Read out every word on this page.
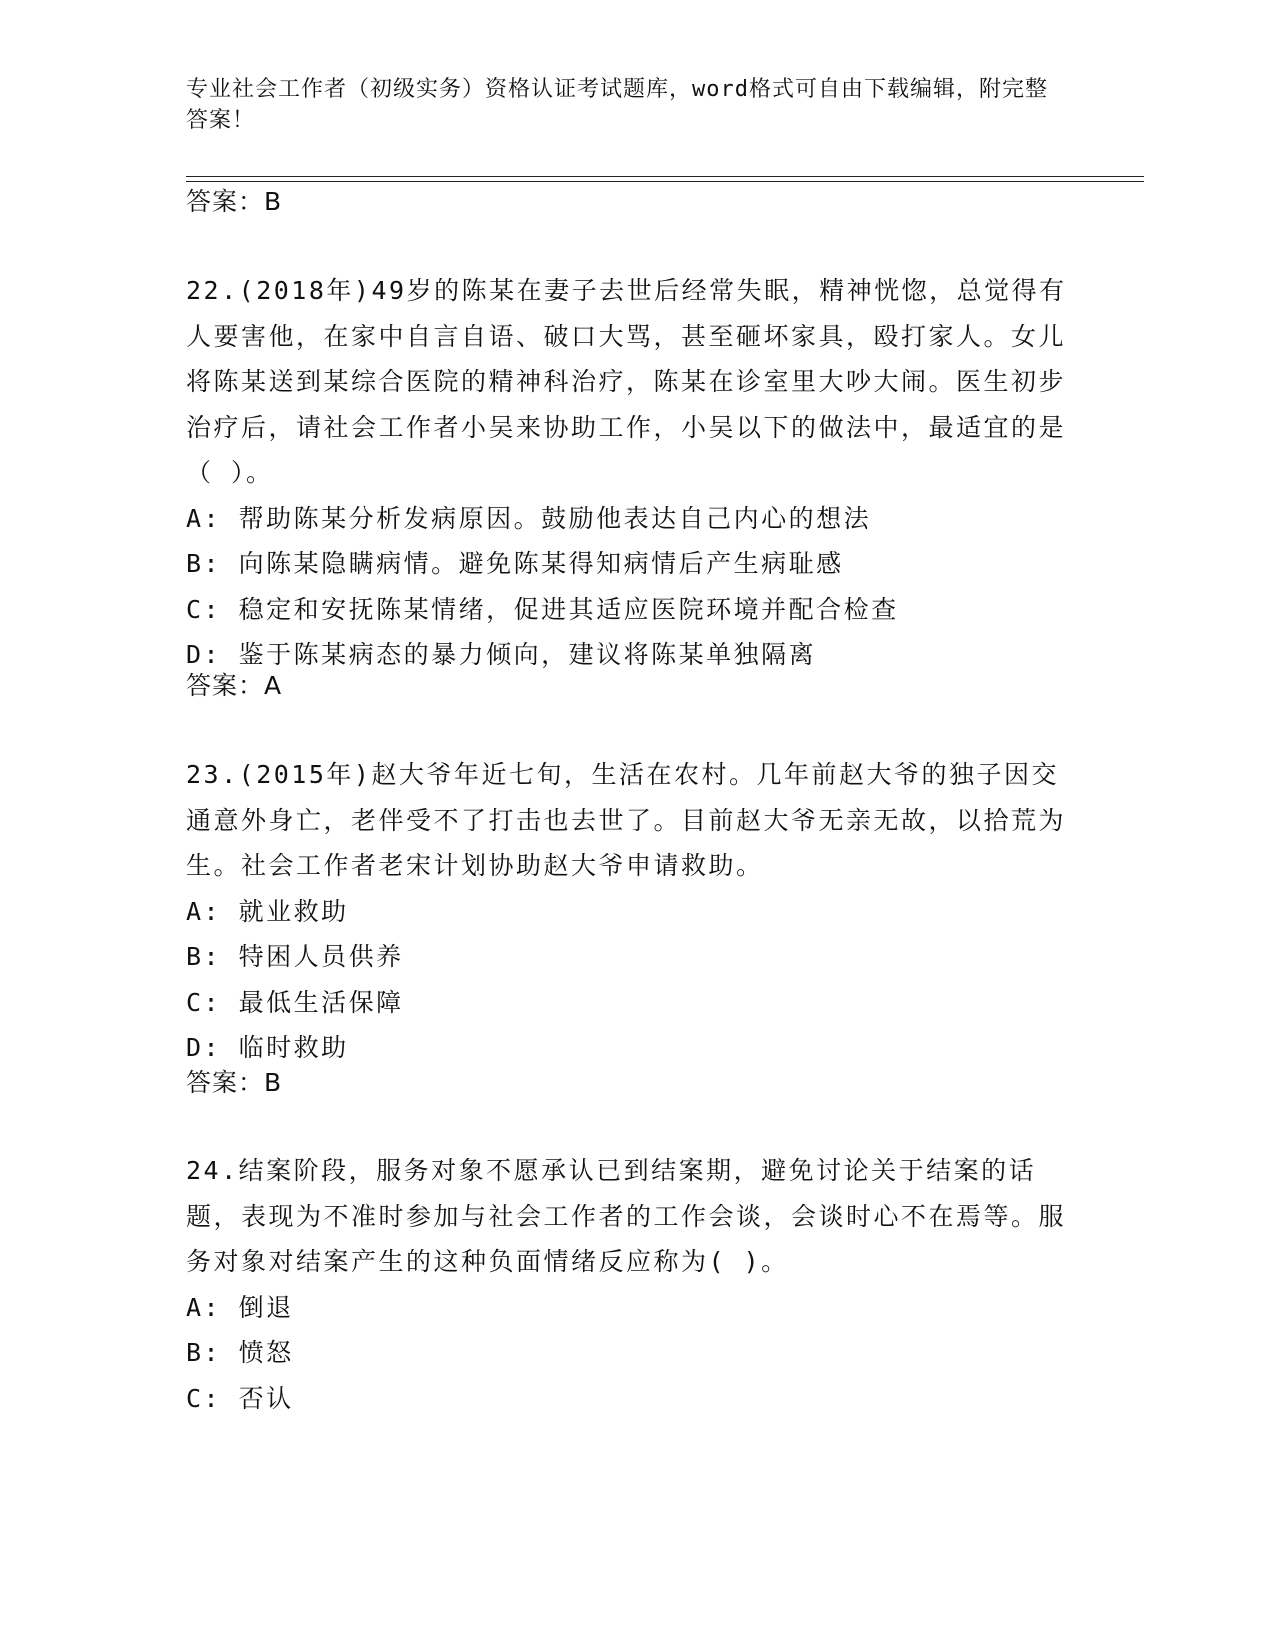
专业社会工作者（初级实务）资格认证考试题库，word格式可自由下载编辑，附完整答案！
答案：B
22.(2018年)49岁的陈某在妻子去世后经常失眠，精神恍惚，总觉得有人要害他，在家中自言自语、破口大骂，甚至砸坏家具，殴打家人。女儿将陈某送到某综合医院的精神科治疗，陈某在诊室里大吵大闹。医生初步治疗后，请社会工作者小吴来协助工作，小吴以下的做法中，最适宜的是（ ）。
A: 帮助陈某分析发病原因。鼓励他表达自己内心的想法
B: 向陈某隐瞒病情。避免陈某得知病情后产生病耻感
C: 稳定和安抚陈某情绪，促进其适应医院环境并配合检查
D: 鉴于陈某病态的暴力倾向，建议将陈某单独隔离
答案：A
23.(2015年)赵大爷年近七旬，生活在农村。几年前赵大爷的独子因交通意外身亡，老伴受不了打击也去世了。目前赵大爷无亲无故，以拾荒为生。社会工作者老宋计划协助赵大爷申请救助。
A: 就业救助
B: 特困人员供养
C: 最低生活保障
D: 临时救助
答案：B
24.结案阶段，服务对象不愿承认已到结案期，避免讨论关于结案的话题，表现为不准时参加与社会工作者的工作会谈，会谈时心不在焉等。服务对象对结案产生的这种负面情绪反应称为( )。
A: 倒退
B: 愤怒
C: 否认
